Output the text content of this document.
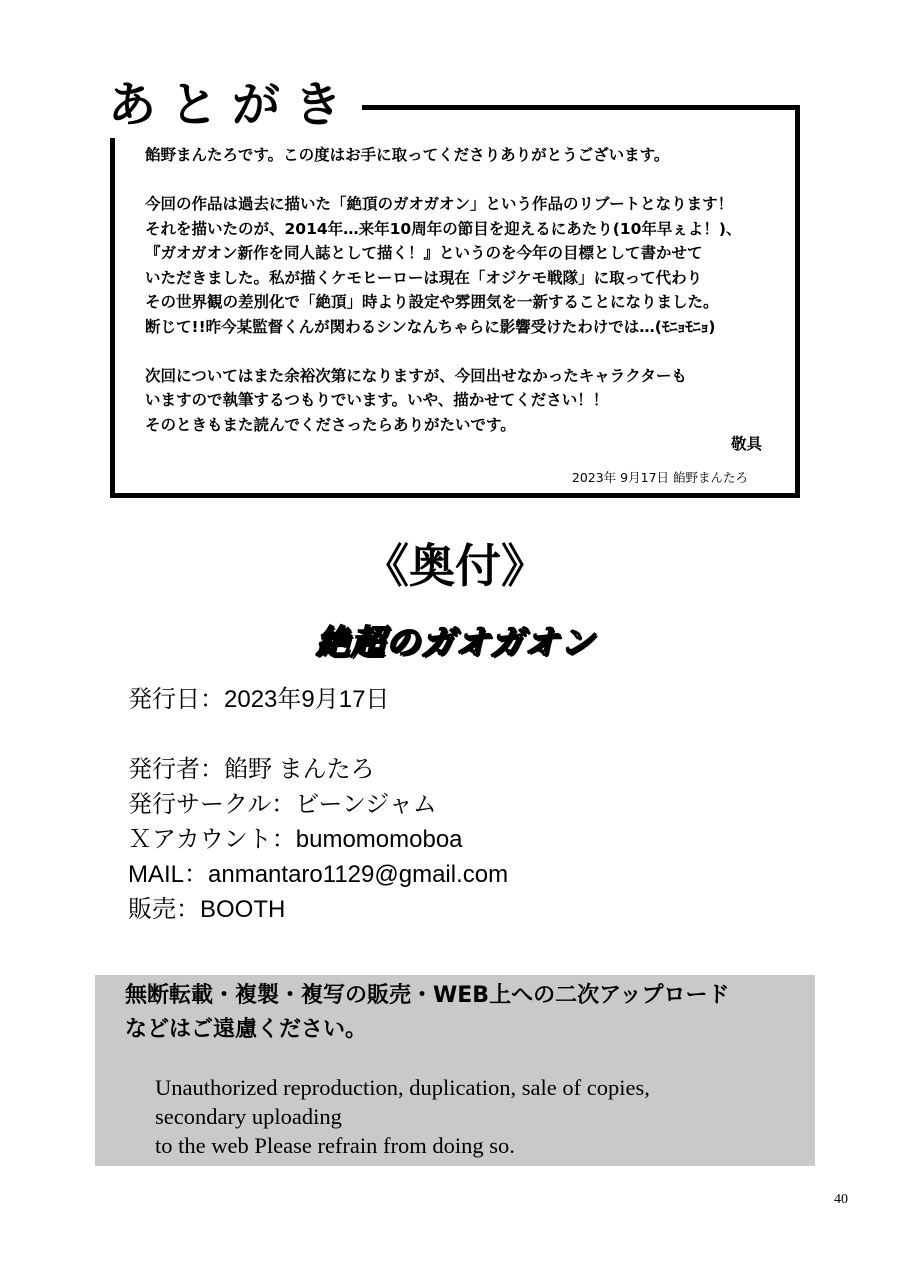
あとがき

餡野まんたろです。この度はお手に取ってくださりありがとうございます。

今回の作品は過去に描いた「絶頂のガオガオン」という作品のリブートとなります！

それを描いたのが、2014年…来年10周年の節目を迎えるにあたり(10年早ぇよ！)、

『ガオガオン新作を同人誌として描く！』というのを今年の目標として書かせて

いただきました。私が描くケモヒーローは現在「オジケモ戦隊」に取って代わり

その世界観の差別化で「絶頂」時より設定や雰囲気を一新することになりました。

断じて!!昨今某監督くんが関わるシンなんちゃらに影響受けたわけでは…(ﾓﾆｮﾓﾆｮ)

次回についてはまた余裕次第になりますが、今回出せなかったキャラクターも

いますので執筆するつもりでいます。いや、描かせてください！！

そのときもまた読んでくださったらありがたいです。

敬具
2023年 9月17日 餡野まんたろ
《奥付》
絶超のガオガオン
発行日：2023年9月17日
発行者：餡野 まんたろ
発行サークル：ビーンジャム
Ｘアカウント：bumomomoboa
MAIL：anmantaro1129@gmail.com
販売：BOOTH

無断転載・複製・複写の販売・WEB上への二次アップロード

などはご遠慮ください。

Unauthorized reproduction, duplication, sale of copies,

secondary uploading

to the web Please refrain from doing so.

40
